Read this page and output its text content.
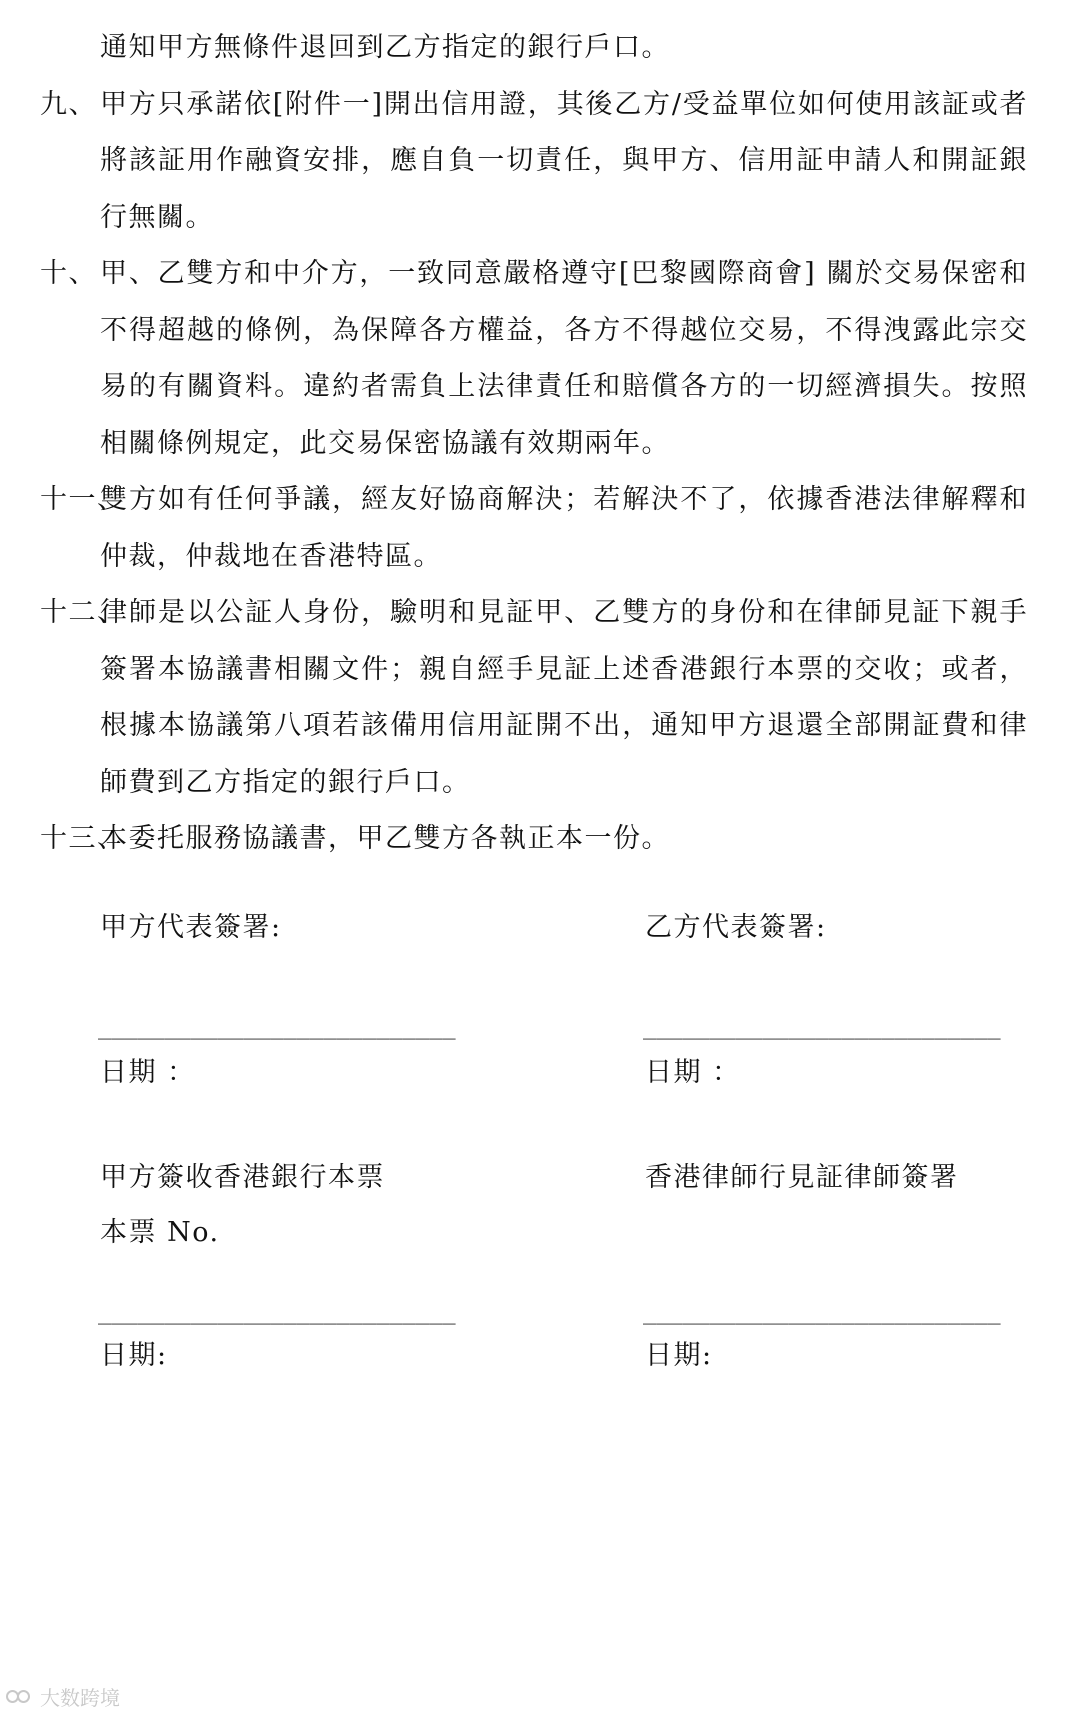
通知甲方無條件退回到乙方指定的銀行戶口。
九、 甲方只承諾依[附件一]開出信用證，其後乙方/受益單位如何使用該証或者將該証用作融資安排，應自負一切責任，與甲方、信用証申請人和開証銀行無關。
十、 甲、乙雙方和中介方，一致同意嚴格遵守[巴黎國際商會] 關於交易保密和不得超越的條例，為保障各方權益，各方不得越位交易，不得洩露此宗交易的有關資料。違約者需負上法律責任和賠償各方的一切經濟損失。按照相關條例規定，此交易保密協議有效期兩年。
十一、
雙方如有任何爭議，經友好協商解決；若解決不了，依據香港法律解釋和仲裁，仲裁地在香港特區。
十二、
律師是以公証人身份，驗明和見証甲、乙雙方的身份和在律師見証下親手簽署本協議書相關文件；親自經手見証上述香港銀行本票的交收；或者，根據本協議第八項若該備用信用証開不出，通知甲方退還全部開証費和律師費到乙方指定的銀行戶口。
十三、
本委托服務協議書，甲乙雙方各執正本一份。
甲方代表簽署:	乙方代表簽署:
___________________________	___________________________
日期 ：	日期 ：
甲方簽收香港銀行本票	香港律師行見証律師簽署
本票 No.
___________________________	___________________________
日期:	日期:
大数跨境
